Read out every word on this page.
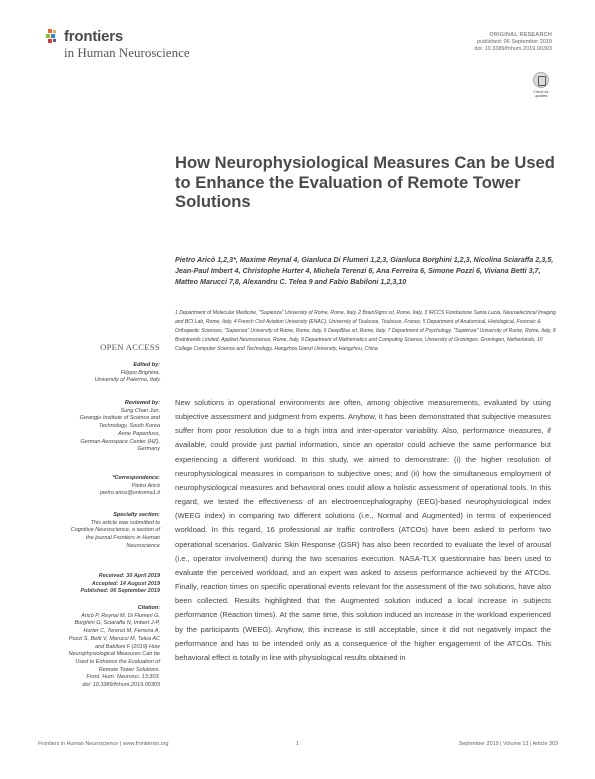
frontiers
in Human Neuroscience
ORIGINAL RESEARCH
published: 06 September 2019
doi: 10.3389/fnhum.2019.00303
Check for updates
How Neurophysiological Measures Can be Used to Enhance the Evaluation of Remote Tower Solutions
Pietro Aricò 1,2,3*, Maxime Reynal 4, Gianluca Di Flumeri 1,2,3, Gianluca Borghini 1,2,3, Nicolina Sciaraffa 2,3,5, Jean-Paul Imbert 4, Christophe Hurter 4, Michela Terenzi 6, Ana Ferreira 6, Simone Pozzi 6, Viviana Betti 3,7, Matteo Marucci 7,8, Alexandru C. Telea 9 and Fabio Babiloni 1,2,3,10
1 Department of Molecular Medicine, "Sapienza" University of Rome, Rome, Italy, 2 BrainSigns srl, Rome, Italy, 3 IRCCS Fondazione Santa Lucia, Neuroelectrical Imaging and BCI Lab, Rome, Italy, 4 French Civil Aviation University (ENAC), University of Toulouse, Toulouse, France, 5 Department of Anatomical, Histological, Forensic & Orthopedic Sciences, "Sapienza" University of Rome, Rome, Italy, 6 DeepBlue srl, Rome, Italy, 7 Department of Psychology, "Sapienza" University of Rome, Rome, Italy, 8 Braintrends Limited, Applied Neuroscience, Rome, Italy, 9 Department of Mathematics and Computing Science, University of Groningen, Groningen, Netherlands, 10 College Computer Science and Technology, Hangzhou Dianzi University, Hangzhou, China
OPEN ACCESS
Edited by:
Filippo Brighina,
University of Palermo, Italy
Reviewed by:
Sung Chan Jun,
Gwangju Institute of Science and
Technology, South Korea
Anne Papenfuss,
German Aerospace Center (HZ),
Germany
*Correspondence:
Pietro Aricò
pietro.arico@uniroma1.it
Specialty section:
This article was submitted to
Cognitive Neuroscience, a section of
the journal Frontiers in Human
Neuroscience
Received: 30 April 2019
Accepted: 14 August 2019
Published: 06 September 2019
Citation:
Aricò P, Reynal M, Di Flumeri G,
Borghini G, Sciaraffa N, Imbert J-P,
Hurter C, Terenzi M, Ferreira A,
Pozzi S, Betti V, Marucci M, Telea AC
and Babiloni F (2019) How
Neurophysiological Measures Can be
Used to Enhance the Evaluation of
Remote Tower Solutions.
Front. Hum. Neurosci. 13:303.
doi: 10.3389/fnhum.2019.00303
New solutions in operational environments are often, among objective measurements, evaluated by using subjective assessment and judgment from experts. Anyhow, it has been demonstrated that subjective measures suffer from poor resolution due to a high intra and inter-operator variability. Also, performance measures, if available, could provide just partial information, since an operator could achieve the same performance but experiencing a different workload. In this study, we aimed to demonstrate: (i) the higher resolution of neurophysiological measures in comparison to subjective ones; and (ii) how the simultaneous employment of neurophysiological measures and behavioral ones could allow a holistic assessment of operational tools. In this regard, we tested the effectiveness of an electroencephalography (EEG)-based neurophysiological index (WEEG index) in comparing two different solutions (i.e., Normal and Augmented) in terms of experienced workload. In this regard, 16 professional air traffic controllers (ATCOs) have been asked to perform two operational scenarios. Galvanic Skin Response (GSR) has also been recorded to evaluate the level of arousal (i.e., operator involvement) during the two scenarios execution. NASA-TLX questionnaire has been used to evaluate the perceived workload, and an expert was asked to assess performance achieved by the ATCOs. Finally, reaction times on specific operational events relevant for the assessment of the two solutions, have also been collected. Results highlighted that the Augmented solution induced a local increase in subjects performance (Reaction times). At the same time, this solution induced an increase in the workload experienced by the participants (WEEG). Anyhow, this increase is still acceptable, since it did not negatively impact the performance and has to be intended only as a consequence of the higher engagement of the ATCOs. This behavioral effect is totally in line with physiological results obtained in
Frontiers in Human Neuroscience | www.frontiersin.org	1	September 2019 | Volume 13 | Article 303
